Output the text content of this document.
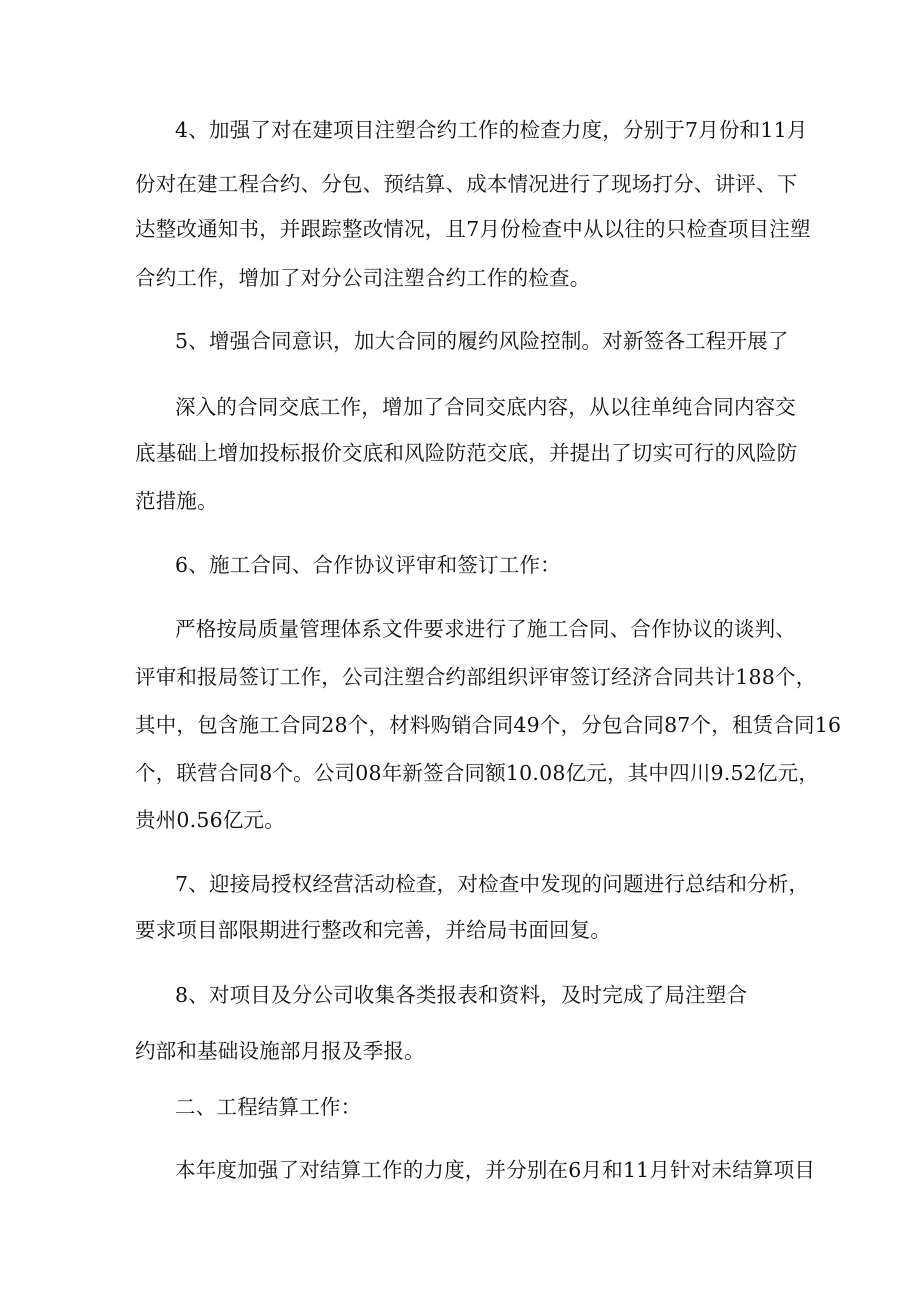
4、加强了对在建项目注塑合约工作的检查力度，分别于7月份和11月
份对在建工程合约、分包、预结算、成本情况进行了现场打分、讲评、下
达整改通知书，并跟踪整改情况，且7月份检查中从以往的只检查项目注塑
合约工作，增加了对分公司注塑合约工作的检查。
5、增强合同意识，加大合同的履约风险控制。对新签各工程开展了
深入的合同交底工作，增加了合同交底内容，从以往单纯合同内容交
底基础上增加投标报价交底和风险防范交底，并提出了切实可行的风险防
范措施。
6、施工合同、合作协议评审和签订工作：
严格按局质量管理体系文件要求进行了施工合同、合作协议的谈判、
评审和报局签订工作，公司注塑合约部组织评审签订经济合同共计188个，
其中，包含施工合同28个，材料购销合同49个，分包合同87个，租赁合同16
个，联营合同8个。公司08年新签合同额10.08亿元，其中四川9.52亿元，
贵州0.56亿元。
7、迎接局授权经营活动检查，对检查中发现的问题进行总结和分析，
要求项目部限期进行整改和完善，并给局书面回复。
8、对项目及分公司收集各类报表和资料，及时完成了局注塑合
约部和基础设施部月报及季报。
二、工程结算工作：
本年度加强了对结算工作的力度，并分别在6月和11月针对未结算项目
